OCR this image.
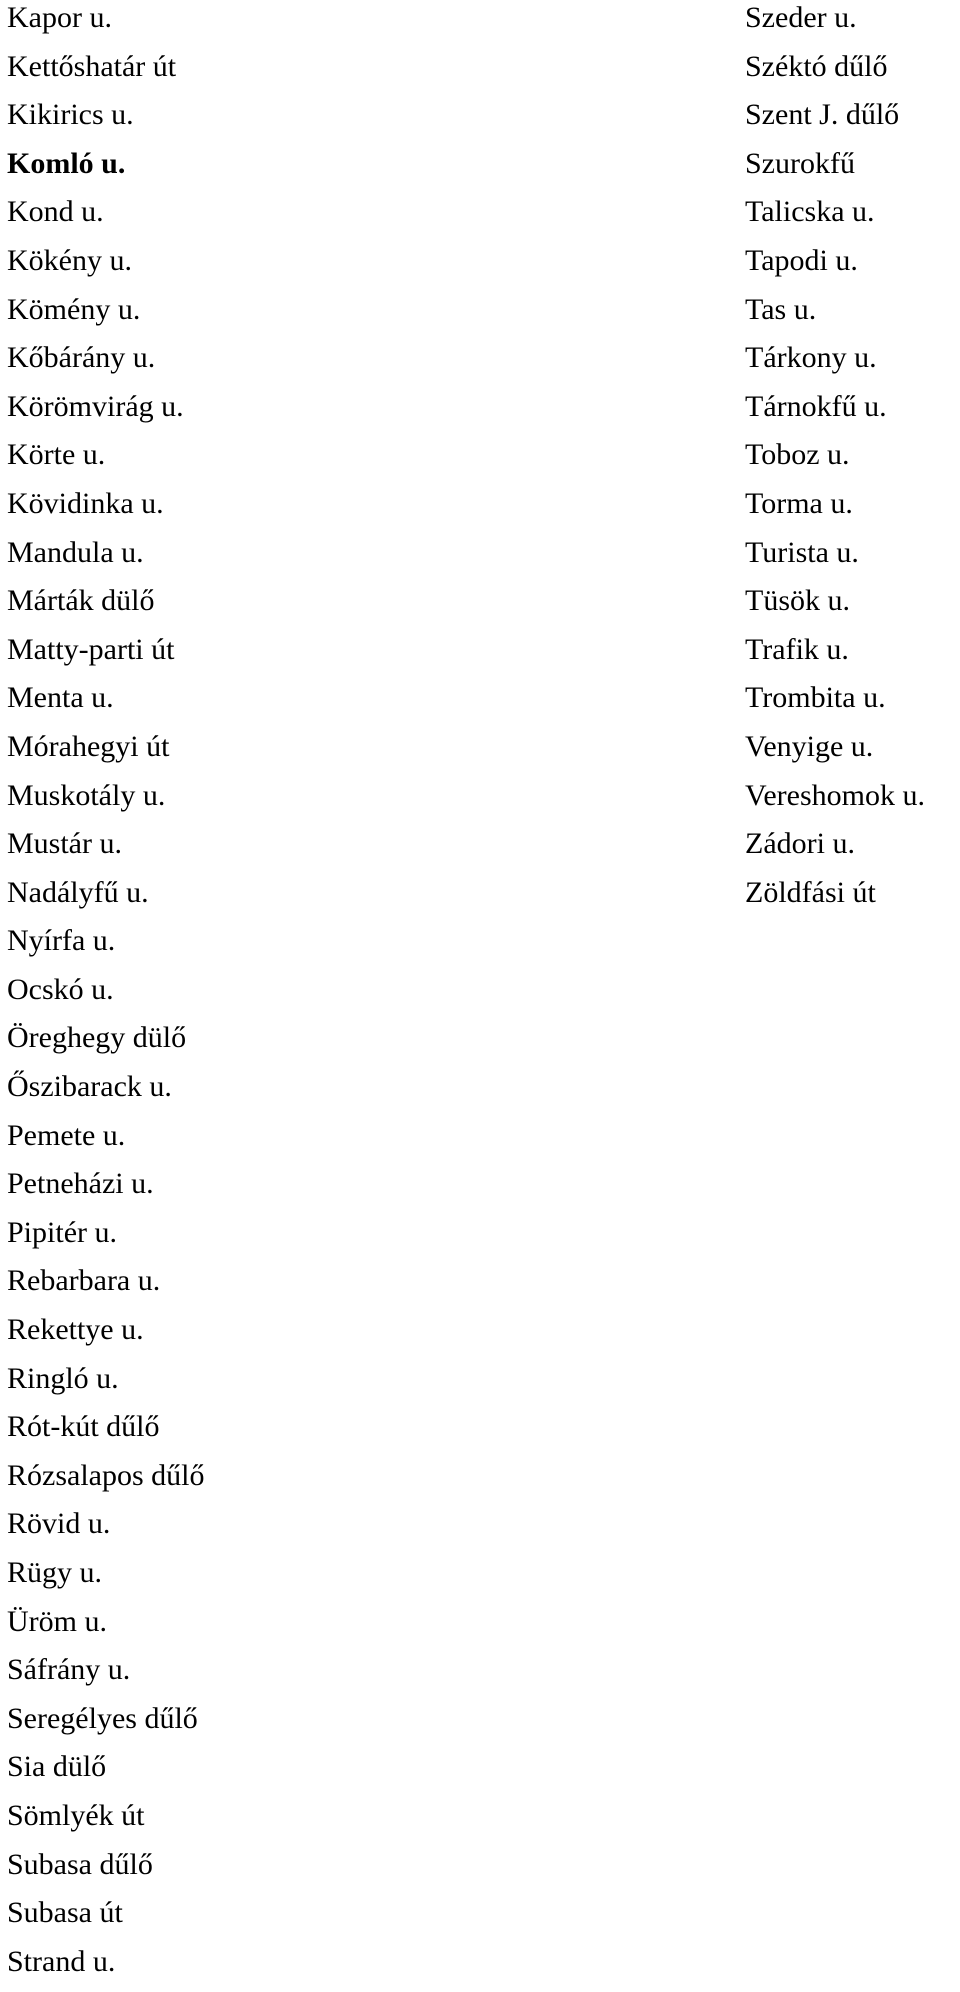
Kapor u.
Kettőshatár út
Kikirics u.
Komló u.
Kond u.
Kökény u.
Kömény u.
Kőbárány u.
Körömvirág u.
Körte u.
Kövidinka u.
Mandula u.
Márták dülő
Matty-parti út
Menta u.
Mórahegyi út
Muskotály u.
Mustár u.
Nadályfű u.
Nyírfa u.
Ocskó u.
Öreghegy dülő
Őszibarack u.
Pemete u.
Petneházi u.
Pipitér u.
Rebarbara u.
Rekettye u.
Ringló u.
Rót-kút dűlő
Rózsalapos dűlő
Rövid u.
Rügy u.
Üröm u.
Sáfrány u.
Seregélyes dűlő
Sia dülő
Sömlyék út
Subasa dűlő
Subasa út
Strand u.
Szeder u.
Széktó dűlő
Szent J. dűlő
Szurokfű
Talicska u.
Tapodi u.
Tas u.
Tárkony u.
Tárnokfű u.
Toboz u.
Torma u.
Turista u.
Tüsök u.
Trafik u.
Trombita u.
Venyige u.
Vereshomok u.
Zádori u.
Zöldfási út
